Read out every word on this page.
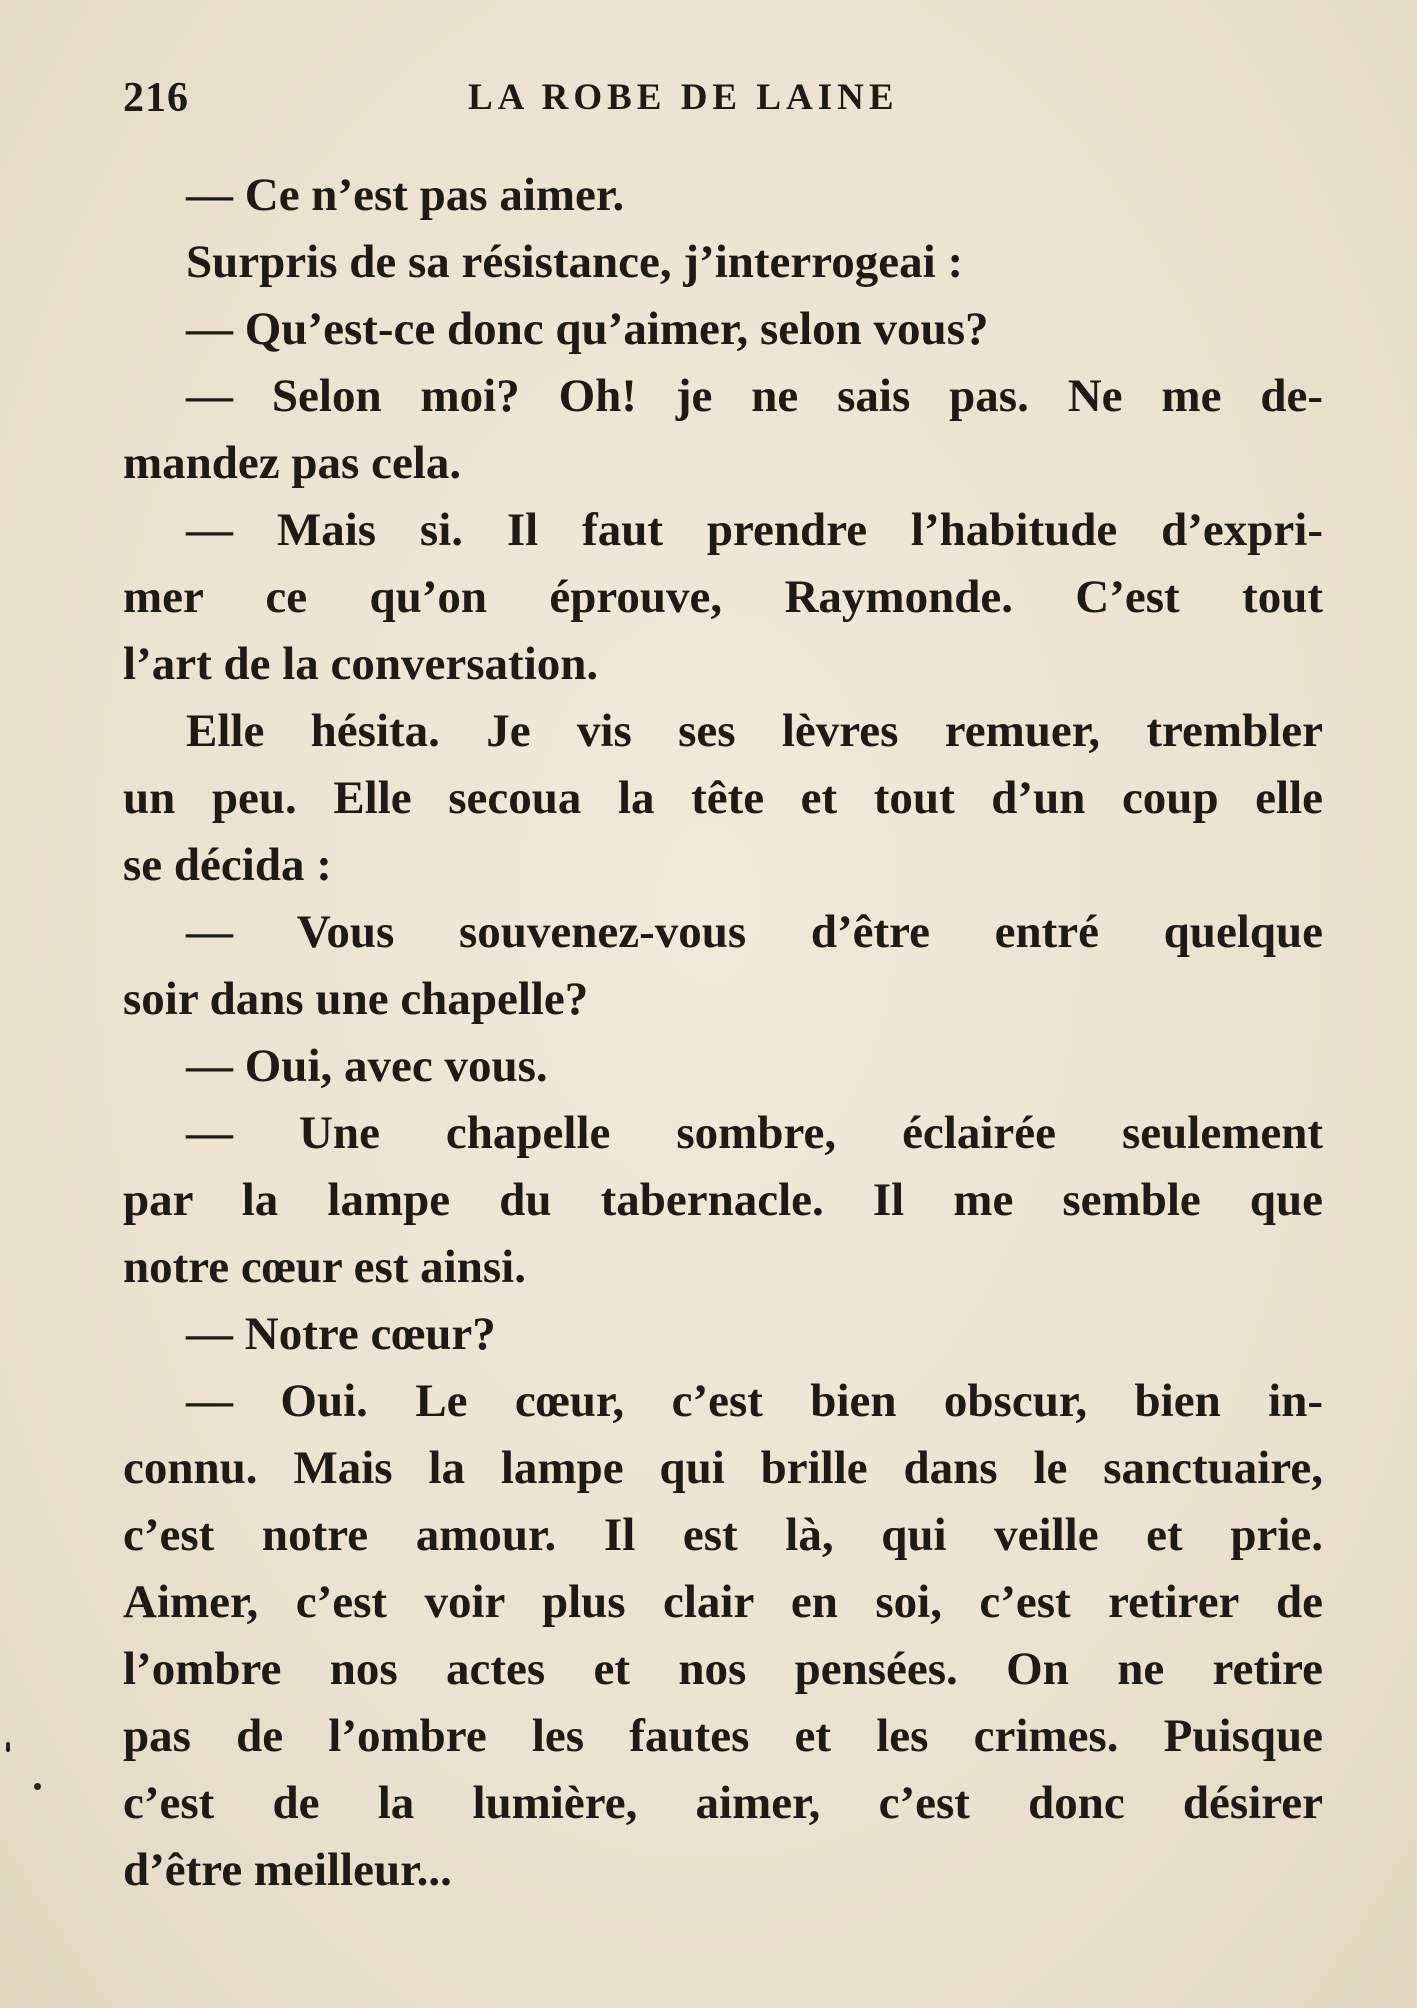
216	LA ROBE DE LAINE
— Ce n’est pas aimer.
Surpris de sa résistance, j’interrogeai :
— Qu’est-ce donc qu’aimer, selon vous?
— Selon moi? Oh! je ne sais pas. Ne me de-
mandez pas cela.
— Mais si. Il faut prendre l’habitude d’expri-
mer ce qu’on éprouve, Raymonde. C’est tout
l’art de la conversation.
Elle hésita. Je vis ses lèvres remuer, trembler
un peu. Elle secoua la tête et tout d’un coup elle
se décida :
— Vous souvenez-vous d’être entré quelque
soir dans une chapelle?
— Oui, avec vous.
— Une chapelle sombre, éclairée seulement
par la lampe du tabernacle. Il me semble que
notre cœur est ainsi.
— Notre cœur?
— Oui. Le cœur, c’est bien obscur, bien in-
connu. Mais la lampe qui brille dans le sanctuaire,
c’est notre amour. Il est là, qui veille et prie.
Aimer, c’est voir plus clair en soi, c’est retirer de
l’ombre nos actes et nos pensées. On ne retire
pas de l’ombre les fautes et les crimes. Puisque
c’est de la lumière, aimer, c’est donc désirer
d’être meilleur...
